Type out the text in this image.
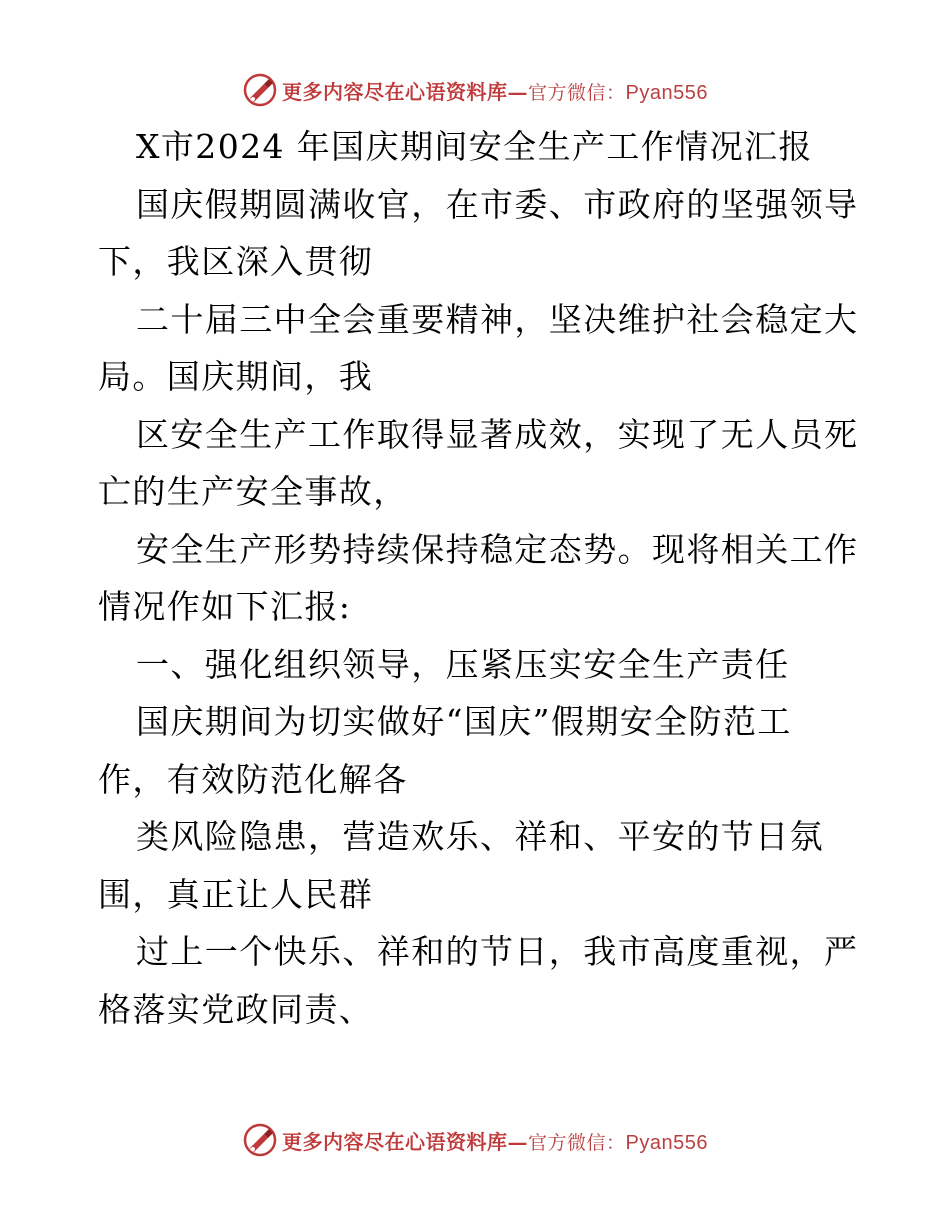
更多内容尽在心语资料库—官方微信：Pyan556
X市2024 年国庆期间安全生产工作情况汇报
国庆假期圆满收官，在市委、市政府的坚强领导
下，我区深入贯彻
二十届三中全会重要精神，坚决维护社会稳定大
局。国庆期间，我
区安全生产工作取得显著成效，实现了无人员死
亡的生产安全事故，
安全生产形势持续保持稳定态势。现将相关工作
情况作如下汇报:
一、强化组织领导，压紧压实安全生产责任
国庆期间为切实做好“国庆”假期安全防范工
作，有效防范化解各
类风险隐患，营造欢乐、祥和、平安的节日氛
围，真正让人民群
过上一个快乐、祥和的节日，我市高度重视，严
格落实党政同责、
更多内容尽在心语资料库—官方微信：Pyan556
